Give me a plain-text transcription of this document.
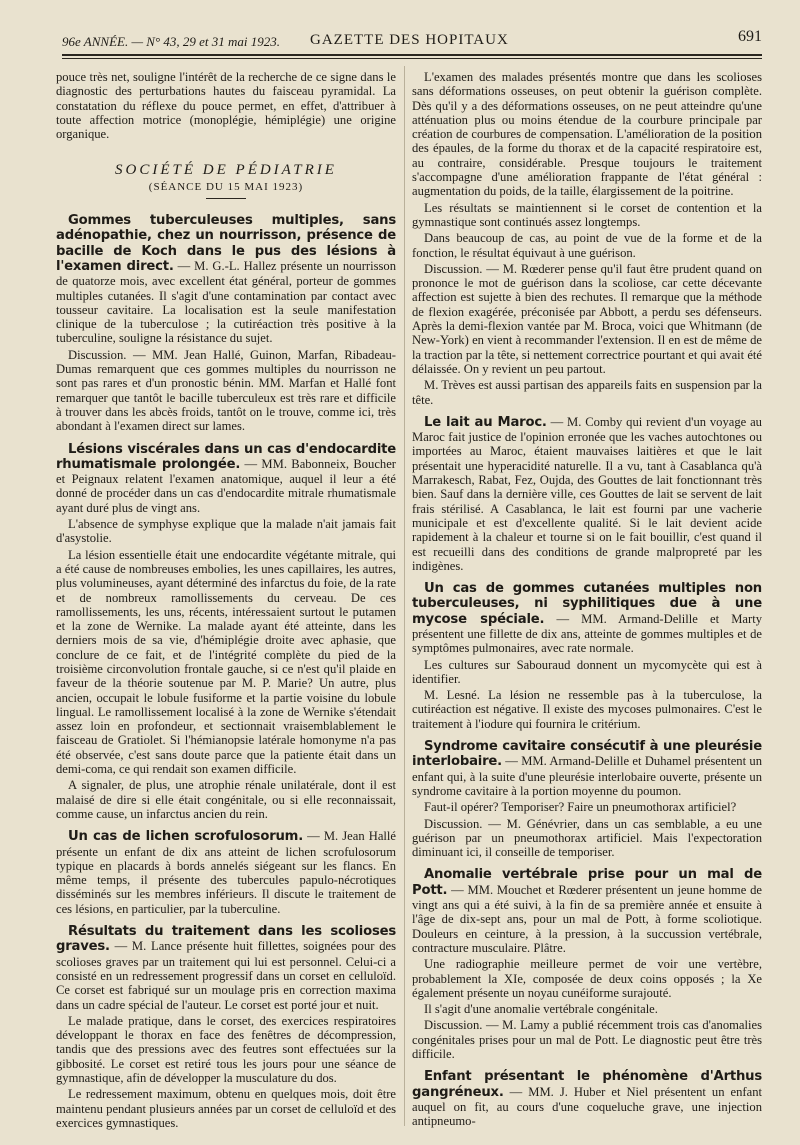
96e ANNÉE. — N° 43, 29 et 31 mai 1923. GAZETTE DES HOPITAUX	691

pouce très net, souligne l'intérêt de la recherche de ce signe dans le diagnostic des perturbations hautes du faisceau pyramidal. La constatation du réflexe du pouce permet, en effet, d'attribuer à toute affection motrice (monoplégie, hémiplégie) une origine organique.

SOCIÉTÉ DE PÉDIATRIE
(SÉANCE DU 15 MAI 1923)

Gommes tuberculeuses multiples, sans adénopathie, chez un nourrisson, présence de bacille de Koch dans le pus des lésions à l'examen direct. — M. G.-L. Hallez présente un nourrisson de quatorze mois, avec excellent état général, porteur de gommes multiples cutanées. Il s'agit d'une contamination par contact avec tousseur cavitaire. La localisation est la seule manifestation clinique de la tuberculose ; la cutiréaction très positive à la tuberculine, souligne la résistance du sujet.

Discussion. — MM. Jean Hallé, Guinon, Marfan, Ribadeau-Dumas remarquent que ces gommes multiples du nourrisson ne sont pas rares et d'un pronostic bénin. MM. Marfan et Hallé font remarquer que tantôt le bacille tuberculeux est très rare et difficile à trouver dans les abcès froids, tantôt on le trouve, comme ici, très abondant à l'examen direct sur lames.

Lésions viscérales dans un cas d'endocardite rhumatismale prolongée. — MM. Babonneix, Boucher et Peignaux relatent l'examen anatomique, auquel il leur a été donné de procéder dans un cas d'endocardite mitrale rhumatismale ayant duré plus de vingt ans.

L'absence de symphyse explique que la malade n'ait jamais fait d'asystolie.

La lésion essentielle était une endocardite végétante mitrale, qui a été cause de nombreuses embolies, les unes capillaires, les autres, plus volumineuses, ayant déterminé des infarctus du foie, de la rate et de nombreux ramollissements du cerveau. De ces ramollissements, les uns, récents, intéressaient surtout le putamen et la zone de Wernike. La malade ayant été atteinte, dans les derniers mois de sa vie, d'hémiplégie droite avec aphasie, que conclure de ce fait, et de l'intégrité complète du pied de la troisième circonvolution frontale gauche, si ce n'est qu'il plaide en faveur de la théorie soutenue par M. P. Marie? Un autre, plus ancien, occupait le lobule fusiforme et la partie voisine du lobule lingual. Le ramollissement localisé à la zone de Wernike s'étendait assez loin en profondeur, et sectionnait vraisemblablement le faisceau de Gratiolet. Si l'hémianopsie latérale homonyme n'a pas été observée, c'est sans doute parce que la patiente était dans un demi-coma, ce qui rendait son examen difficile.

A signaler, de plus, une atrophie rénale unilatérale, dont il est malaisé de dire si elle était congénitale, ou si elle reconnaissait, comme cause, un infarctus ancien du rein.

Un cas de lichen scrofulosorum. — M. Jean Hallé présente un enfant de dix ans atteint de lichen scrofulosorum typique en placards à bords annelés siégeant sur les flancs. En même temps, il présente des tubercules papulo-nécrotiques disséminés sur les membres inférieurs. Il discute le traitement de ces lésions, en particulier, par la tuberculine.

Résultats du traitement dans les scolioses graves. — M. Lance présente huit fillettes, soignées pour des scolioses graves par un traitement qui lui est personnel. Celui-ci a consisté en un redressement progressif dans un corset en celluloïd. Ce corset est fabriqué sur un moulage pris en correction maxima dans un cadre spécial de l'auteur. Le corset est porté jour et nuit.

Le malade pratique, dans le corset, des exercices respiratoires développant le thorax en face des fenêtres de décompression, tandis que des pressions avec des feutres sont effectuées sur la gibbosité. Le corset est retiré tous les jours pour une séance de gymnastique, afin de développer la musculature du dos.

Le redressement maximum, obtenu en quelques mois, doit être maintenu pendant plusieurs années par un corset de celluloïd et des exercices gymnastiques.

L'examen des malades présentés montre que dans les scolioses sans déformations osseuses, on peut obtenir la guérison complète. Dès qu'il y a des déformations osseuses, on ne peut atteindre qu'une atténuation plus ou moins étendue de la courbure principale par création de courbures de compensation. L'amélioration de la position des épaules, de la forme du thorax et de la capacité respiratoire est, au contraire, considérable. Presque toujours le traitement s'accompagne d'une amélioration frappante de l'état général : augmentation du poids, de la taille, élargissement de la poitrine.

Les résultats se maintiennent si le corset de contention et la gymnastique sont continués assez longtemps.

Dans beaucoup de cas, au point de vue de la forme et de la fonction, le résultat équivaut à une guérison.

Discussion. — M. Rœderer pense qu'il faut être prudent quand on prononce le mot de guérison dans la scoliose, car cette décevante affection est sujette à bien des rechutes. Il remarque que la méthode de flexion exagérée, préconisée par Abbott, a perdu ses défenseurs. Après la demi-flexion vantée par M. Broca, voici que Whitmann (de New-York) en vient à recommander l'extension. Il en est de même de la traction par la tête, si nettement correctrice pourtant et qui avait été délaissée. On y revient un peu partout.

M. Trèves est aussi partisan des appareils faits en suspension par la tête.

Le lait au Maroc. — M. Comby qui revient d'un voyage au Maroc fait justice de l'opinion erronée que les vaches autochtones ou importées au Maroc, étaient mauvaises laitières et que le lait présentait une hyperacidité naturelle. Il a vu, tant à Casablanca qu'à Marrakesch, Rabat, Fez, Oujda, des Gouttes de lait fonctionnant très bien. Sauf dans la dernière ville, ces Gouttes de lait se servent de lait frais stérilisé. A Casablanca, le lait est fourni par une vacherie municipale et est d'excellente qualité. Si le lait devient acide rapidement à la chaleur et tourne si on le fait bouillir, c'est quand il est recueilli dans des conditions de grande malpropreté par les indigènes.

Un cas de gommes cutanées multiples non tuberculeuses, ni syphilitiques due à une mycose spéciale. — MM. Armand-Delille et Marty présentent une fillette de dix ans, atteinte de gommes multiples et de symptômes pulmonaires, avec rate normale.

Les cultures sur Sabouraud donnent un mycomycète qui est à identifier.

M. Lesné. La lésion ne ressemble pas à la tuberculose, la cutiréaction est négative. Il existe des mycoses pulmonaires. C'est le traitement à l'iodure qui fournira le critérium.

Syndrome cavitaire consécutif à une pleurésie interlobaire. — MM. Armand-Delille et Duhamel présentent un enfant qui, à la suite d'une pleurésie interlobaire ouverte, présente un syndrome cavitaire à la portion moyenne du poumon.

Faut-il opérer? Temporiser? Faire un pneumothorax artificiel?

Discussion. — M. Génévrier, dans un cas semblable, a eu une guérison par un pneumothorax artificiel. Mais l'expectoration diminuant ici, il conseille de temporiser.

Anomalie vertébrale prise pour un mal de Pott. — MM. Mouchet et Rœderer présentent un jeune homme de vingt ans qui a été suivi, à la fin de sa première année et ensuite à l'âge de dix-sept ans, pour un mal de Pott, à forme scoliotique. Douleurs en ceinture, à la pression, à la succussion vertébrale, contracture musculaire. Plâtre.

Une radiographie meilleure permet de voir une vertèbre, probablement la XIe, composée de deux coins opposés ; la Xe également présente un noyau cunéiforme surajouté.

Il s'agit d'une anomalie vertébrale congénitale.

Discussion. — M. Lamy a publié récemment trois cas d'anomalies congénitales prises pour un mal de Pott. Le diagnostic peut être très difficile.

Enfant présentant le phénomène d'Arthus gangréneux. — MM. J. Huber et Niel présentent un enfant auquel on fit, au cours d'une coqueluche grave, une injection antipneumo-
